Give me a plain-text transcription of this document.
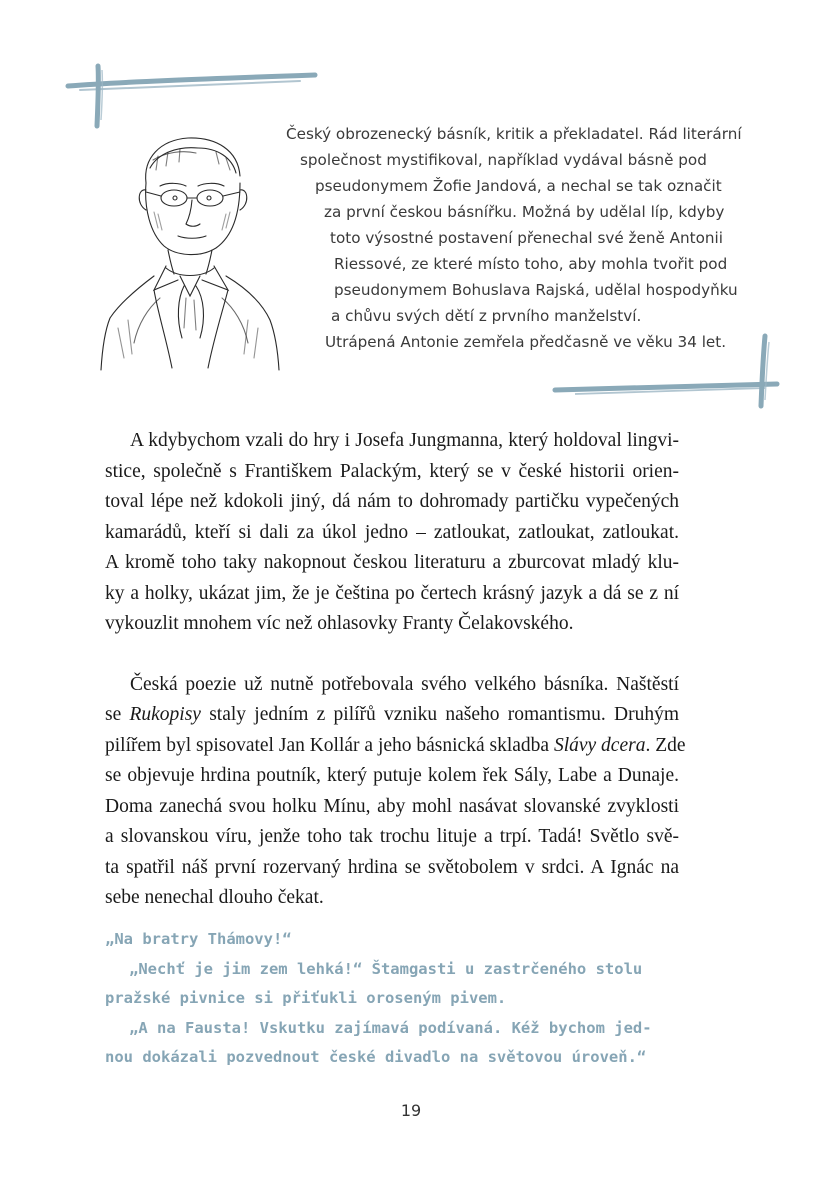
Český obrozenecký básník, kritik a překladatel. Rád literární
společnost mystifikoval, například vydával básně pod
pseudonymem Žofie Jandová, a nechal se tak označit
za první českou básnířku. Možná by udělal líp, kdyby
toto výsostné postavení přenechal své ženě Antonii
Riessové, ze které místo toho, aby mohla tvořit pod
pseudonymem Bohuslava Rajská, udělal hospodyňku
a chůvu svých dětí z prvního manželství.
Utrápená Antonie zemřela předčasně ve věku 34 let.
A kdybychom vzali do hry i Josefa Jungmanna, který holdoval lingvi-
stice, společně s Františkem Palackým, který se v české historii orien-
toval lépe než kdokoli jiný, dá nám to dohromady partičku vypečených
kamarádů, kteří si dali za úkol jedno – zatloukat, zatloukat, zatloukat.
A kromě toho taky nakopnout českou literaturu a zburcovat mladý klu-
ky a holky, ukázat jim, že je čeština po čertech krásný jazyk a dá se z ní
vykouzlit mnohem víc než ohlasovky Franty Čelakovského.
Česká poezie už nutně potřebovala svého velkého básníka. Naštěstí
se Rukopisy staly jedním z pilířů vzniku našeho romantismu. Druhým
pilířem byl spisovatel Jan Kollár a jeho básnická skladba Slávy dcera. Zde
se objevuje hrdina poutník, který putuje kolem řek Sály, Labe a Dunaje.
Doma zanechá svou holku Mínu, aby mohl nasávat slovanské zvyklosti
a slovanskou víru, jenže toho tak trochu lituje a trpí. Tadá! Světlo svě-
ta spatřil náš první rozervaný hrdina se světobolem v srdci. A Ignác na
sebe nenechal dlouho čekat.
„Na bratry Thámovy!“
„Nechť je jim zem lehká!“ Štamgasti u zastrčeného stolu
pražské pivnice si přiťukli oroseným pivem.
„A na Fausta! Vskutku zajímavá podívaná. Kéž bychom jed-
nou dokázali pozvednout české divadlo na světovou úroveň.“
19
